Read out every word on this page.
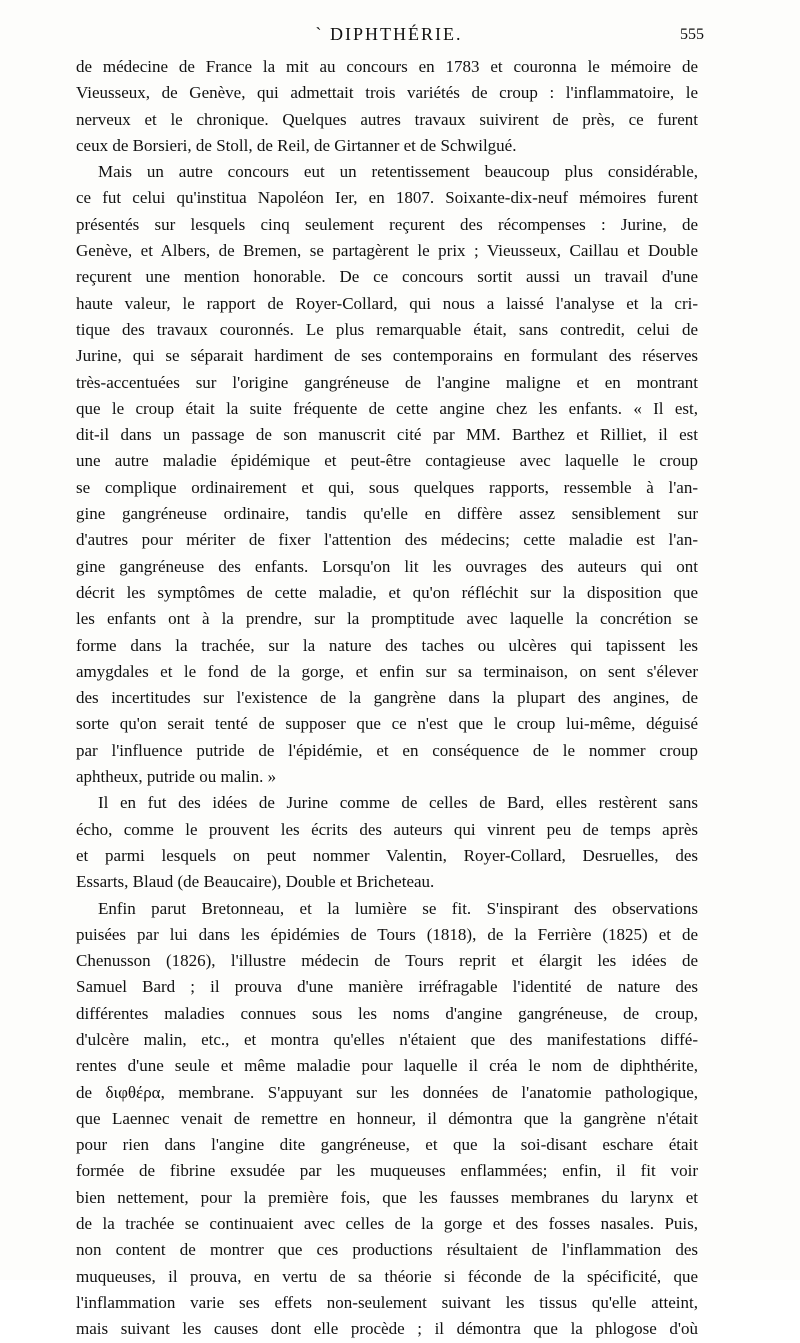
` DIPHTHÉRIE.	555
de médecine de France la mit au concours en 1783 et couronna le mémoire de
Vieusseux, de Genève, qui admettait trois variétés de croup : l'inflammatoire, le
nerveux et le chronique. Quelques autres travaux suivirent de près, ce furent
ceux de Borsieri, de Stoll, de Reil, de Girtanner et de Schwilgué.
Mais un autre concours eut un retentissement beaucoup plus considérable,
ce fut celui qu'institua Napoléon Ier, en 1807. Soixante-dix-neuf mémoires furent
présentés sur lesquels cinq seulement reçurent des récompenses : Jurine, de
Genève, et Albers, de Bremen, se partagèrent le prix ; Vieusseux, Caillau et Double
reçurent une mention honorable. De ce concours sortit aussi un travail d'une
haute valeur, le rapport de Royer-Collard, qui nous a laissé l'analyse et la cri-
tique des travaux couronnés. Le plus remarquable était, sans contredit, celui de
Jurine, qui se séparait hardiment de ses contemporains en formulant des réserves
très-accentuées sur l'origine gangréneuse de l'angine maligne et en montrant
que le croup était la suite fréquente de cette angine chez les enfants. « Il est,
dit-il dans un passage de son manuscrit cité par MM. Barthez et Rilliet, il est
une autre maladie épidémique et peut-être contagieuse avec laquelle le croup
se complique ordinairement et qui, sous quelques rapports, ressemble à l'an-
gine gangréneuse ordinaire, tandis qu'elle en diffère assez sensiblement sur
d'autres pour mériter de fixer l'attention des médecins; cette maladie est l'an-
gine gangréneuse des enfants. Lorsqu'on lit les ouvrages des auteurs qui ont
décrit les symptômes de cette maladie, et qu'on réfléchit sur la disposition que
les enfants ont à la prendre, sur la promptitude avec laquelle la concrétion se
forme dans la trachée, sur la nature des taches ou ulcères qui tapissent les
amygdales et le fond de la gorge, et enfin sur sa terminaison, on sent s'élever
des incertitudes sur l'existence de la gangrène dans la plupart des angines, de
sorte qu'on serait tenté de supposer que ce n'est que le croup lui-même, déguisé
par l'influence putride de l'épidémie, et en conséquence de le nommer croup
aphtheux, putride ou malin. »
Il en fut des idées de Jurine comme de celles de Bard, elles restèrent sans
écho, comme le prouvent les écrits des auteurs qui vinrent peu de temps après
et parmi lesquels on peut nommer Valentin, Royer-Collard, Desruelles, des
Essarts, Blaud (de Beaucaire), Double et Bricheteau.
Enfin parut Bretonneau, et la lumière se fit. S'inspirant des observations
puisées par lui dans les épidémies de Tours (1818), de la Ferrière (1825) et de
Chenusson (1826), l'illustre médecin de Tours reprit et élargit les idées de
Samuel Bard ; il prouva d'une manière irréfragable l'identité de nature des
différentes maladies connues sous les noms d'angine gangréneuse, de croup,
d'ulcère malin, etc., et montra qu'elles n'étaient que des manifestations diffé-
rentes d'une seule et même maladie pour laquelle il créa le nom de diphthérite,
de διφθέρα, membrane. S'appuyant sur les données de l'anatomie pathologique,
que Laennec venait de remettre en honneur, il démontra que la gangrène n'était
pour rien dans l'angine dite gangréneuse, et que la soi-disant eschare était
formée de fibrine exsudée par les muqueuses enflammées; enfin, il fit voir
bien nettement, pour la première fois, que les fausses membranes du larynx et
de la trachée se continuaient avec celles de la gorge et des fosses nasales. Puis,
non content de montrer que ces productions résultaient de l'inflammation des
muqueuses, il prouva, en vertu de sa théorie si féconde de la spécificité, que
l'inflammation varie ses effets non-seulement suivant les tissus qu'elle atteint,
mais suivant les causes dont elle procède ; il démontra que la phlogose d'où
